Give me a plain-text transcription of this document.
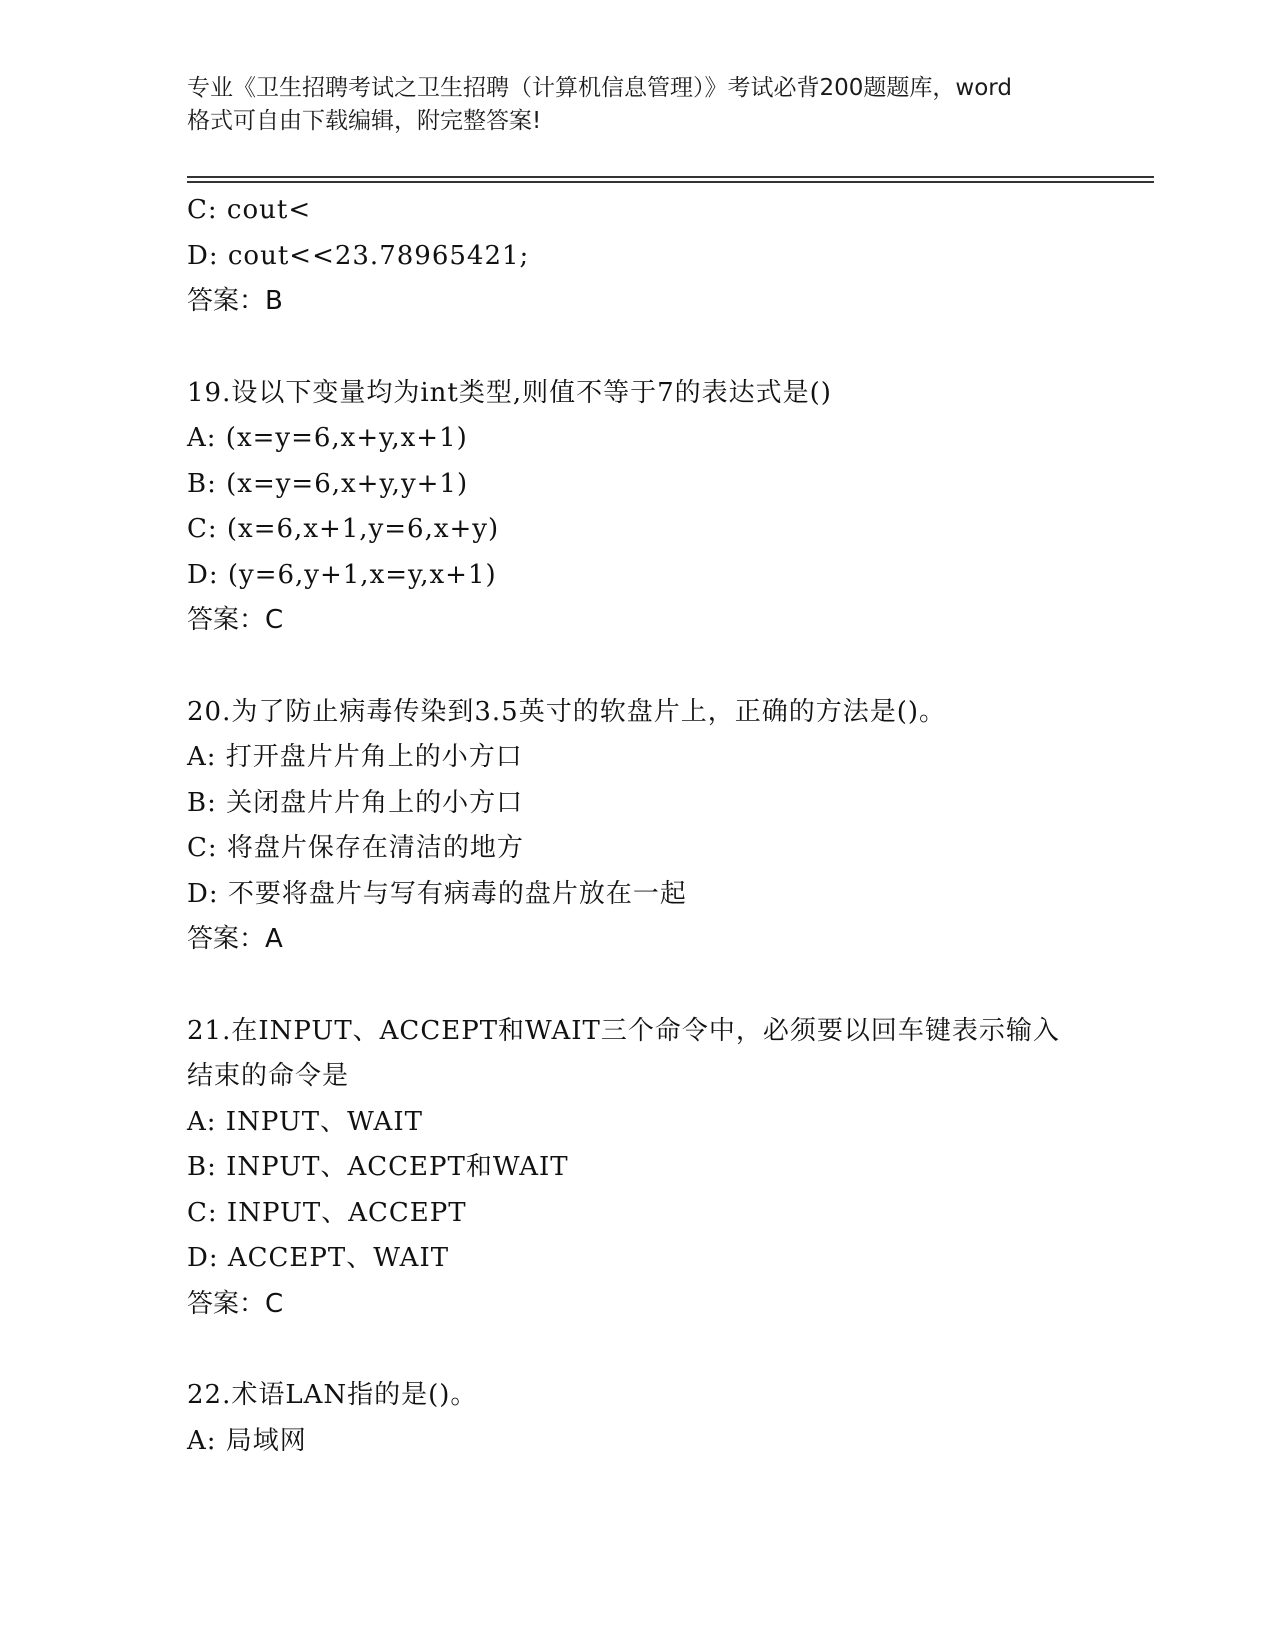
专业《卫生招聘考试之卫生招聘（计算机信息管理）》考试必背200题题库，word
格式可自由下载编辑，附完整答案!
C: cout<
D: cout<<23.78965421;
答案：B
19.设以下变量均为int类型,则值不等于7的表达式是()
A: (x=y=6,x+y,x+1)
B: (x=y=6,x+y,y+1)
C: (x=6,x+1,y=6,x+y)
D: (y=6,y+1,x=y,x+1)
答案：C
20.为了防止病毒传染到3.5英寸的软盘片上，正确的方法是()。
A: 打开盘片片角上的小方口
B: 关闭盘片片角上的小方口
C: 将盘片保存在清洁的地方
D: 不要将盘片与写有病毒的盘片放在一起
答案：A
21.在INPUT、ACCEPT和WAIT三个命令中，必须要以回车键表示输入
结束的命令是
A: INPUT、WAIT
B: INPUT、ACCEPT和WAIT
C: INPUT、ACCEPT
D: ACCEPT、WAIT
答案：C
22.术语LAN指的是()。
A: 局域网
